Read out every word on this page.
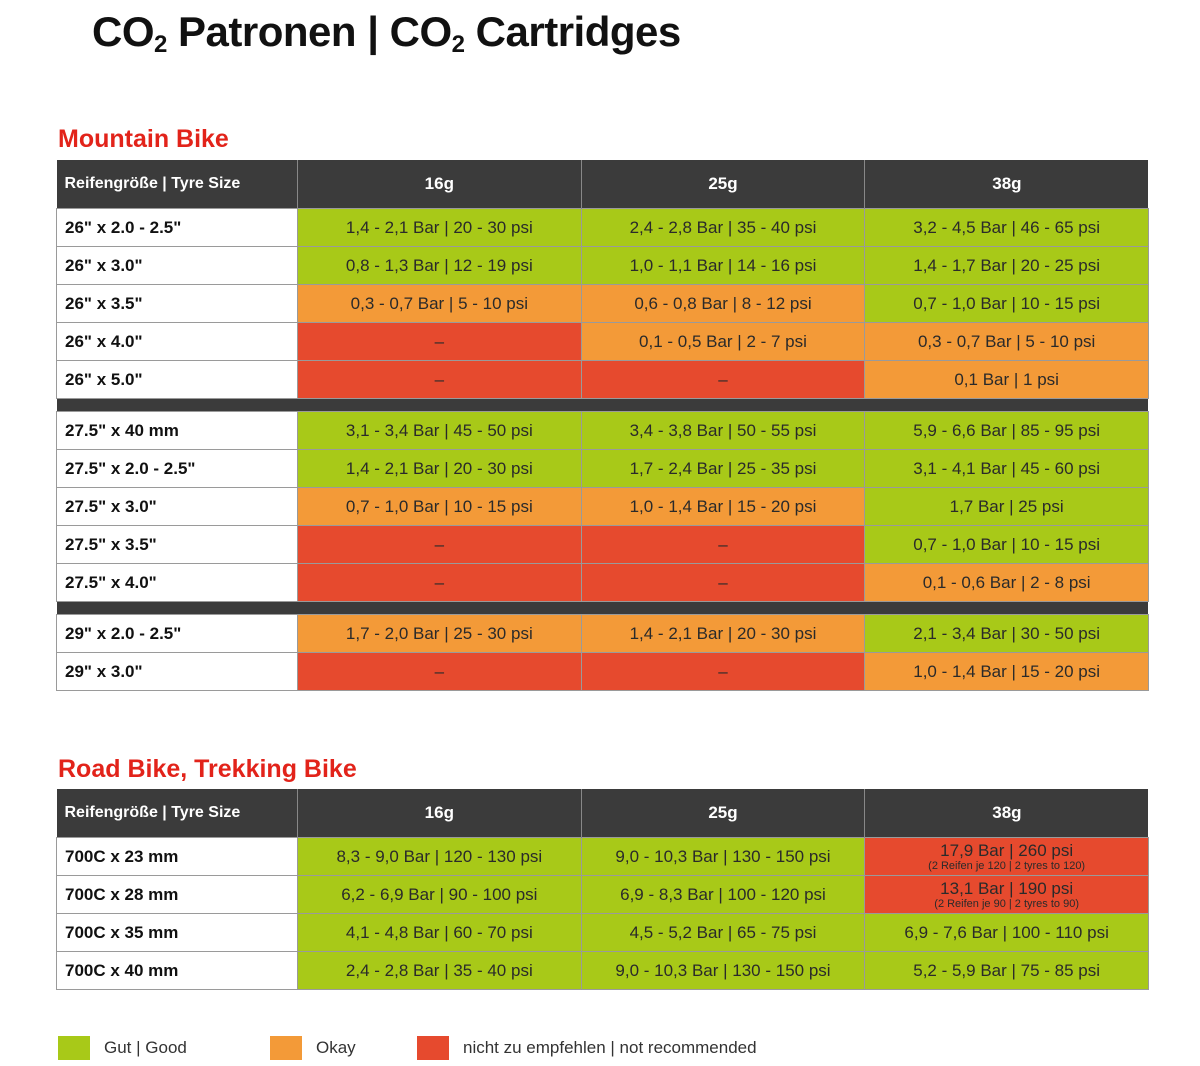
$CO_2$ Patronen | $CO_2$ Cartridges
Mountain Bike
Reifengröße | Tyre Size	16g	25g	38g
26" x 2.0 - 2.5"	1,4 - 2,1 Bar | 20 - 30 psi	2,4 - 2,8 Bar | 35 - 40 psi	3,2 - 4,5 Bar | 46 - 65 psi
26" x 3.0"	0,8 - 1,3 Bar | 12 - 19 psi	1,0 - 1,1 Bar | 14 - 16 psi	1,4 - 1,7 Bar | 20 - 25 psi
26" x 3.5"	0,3 - 0,7 Bar | 5 - 10 psi	0,6 - 0,8 Bar | 8 - 12 psi	0,7 - 1,0 Bar | 10 - 15 psi
26" x 4.0"	–	0,1 - 0,5 Bar | 2 - 7 psi	0,3 - 0,7 Bar | 5 - 10 psi
26" x 5.0"	–	–	0,1 Bar | 1 psi

27.5" x 40 mm	3,1 - 3,4 Bar | 45 - 50 psi	3,4 - 3,8 Bar | 50 - 55 psi	5,9 - 6,6 Bar | 85 - 95 psi
27.5" x 2.0 - 2.5"	1,4 - 2,1 Bar | 20 - 30 psi	1,7 - 2,4 Bar | 25 - 35 psi	3,1 - 4,1 Bar | 45 - 60 psi
27.5" x 3.0"	0,7 - 1,0 Bar | 10 - 15 psi	1,0 - 1,4 Bar | 15 - 20 psi	1,7 Bar | 25 psi
27.5" x 3.5"	–	–	0,7 - 1,0 Bar | 10 - 15 psi
27.5" x 4.0"	–	–	0,1 - 0,6 Bar | 2 - 8 psi

29" x 2.0 - 2.5"	1,7 - 2,0 Bar | 25 - 30 psi	1,4 - 2,1 Bar | 20 - 30 psi	2,1 - 3,4 Bar | 30 - 50 psi
29" x 3.0"	–	–	1,0 - 1,4 Bar | 15 - 20 psi
Road Bike, Trekking Bike
Reifengröße | Tyre Size	16g	25g	38g
700C x 23 mm	8,3 - 9,0 Bar | 120 - 130 psi	9,0 - 10,3 Bar | 130 - 150 psi	17,9 Bar | 260 psi
(2 Reifen je 120 | 2 tyres to 120)

700C x 28 mm	6,2 - 6,9 Bar | 90 - 100 psi	6,9 - 8,3 Bar | 100 - 120 psi	13,1 Bar | 190 psi
(2 Reifen je 90 | 2 tyres to 90)

700C x 35 mm	4,1 - 4,8 Bar | 60 - 70 psi	4,5 - 5,2 Bar | 65 - 75 psi	6,9 - 7,6 Bar | 100 - 110 psi
700C x 40 mm	2,4 - 2,8 Bar | 35 - 40 psi	9,0 - 10,3 Bar | 130 - 150 psi	5,2 - 5,9 Bar | 75 - 85 psi
Gut | Good	Okay	nicht zu empfehlen | not recommended
